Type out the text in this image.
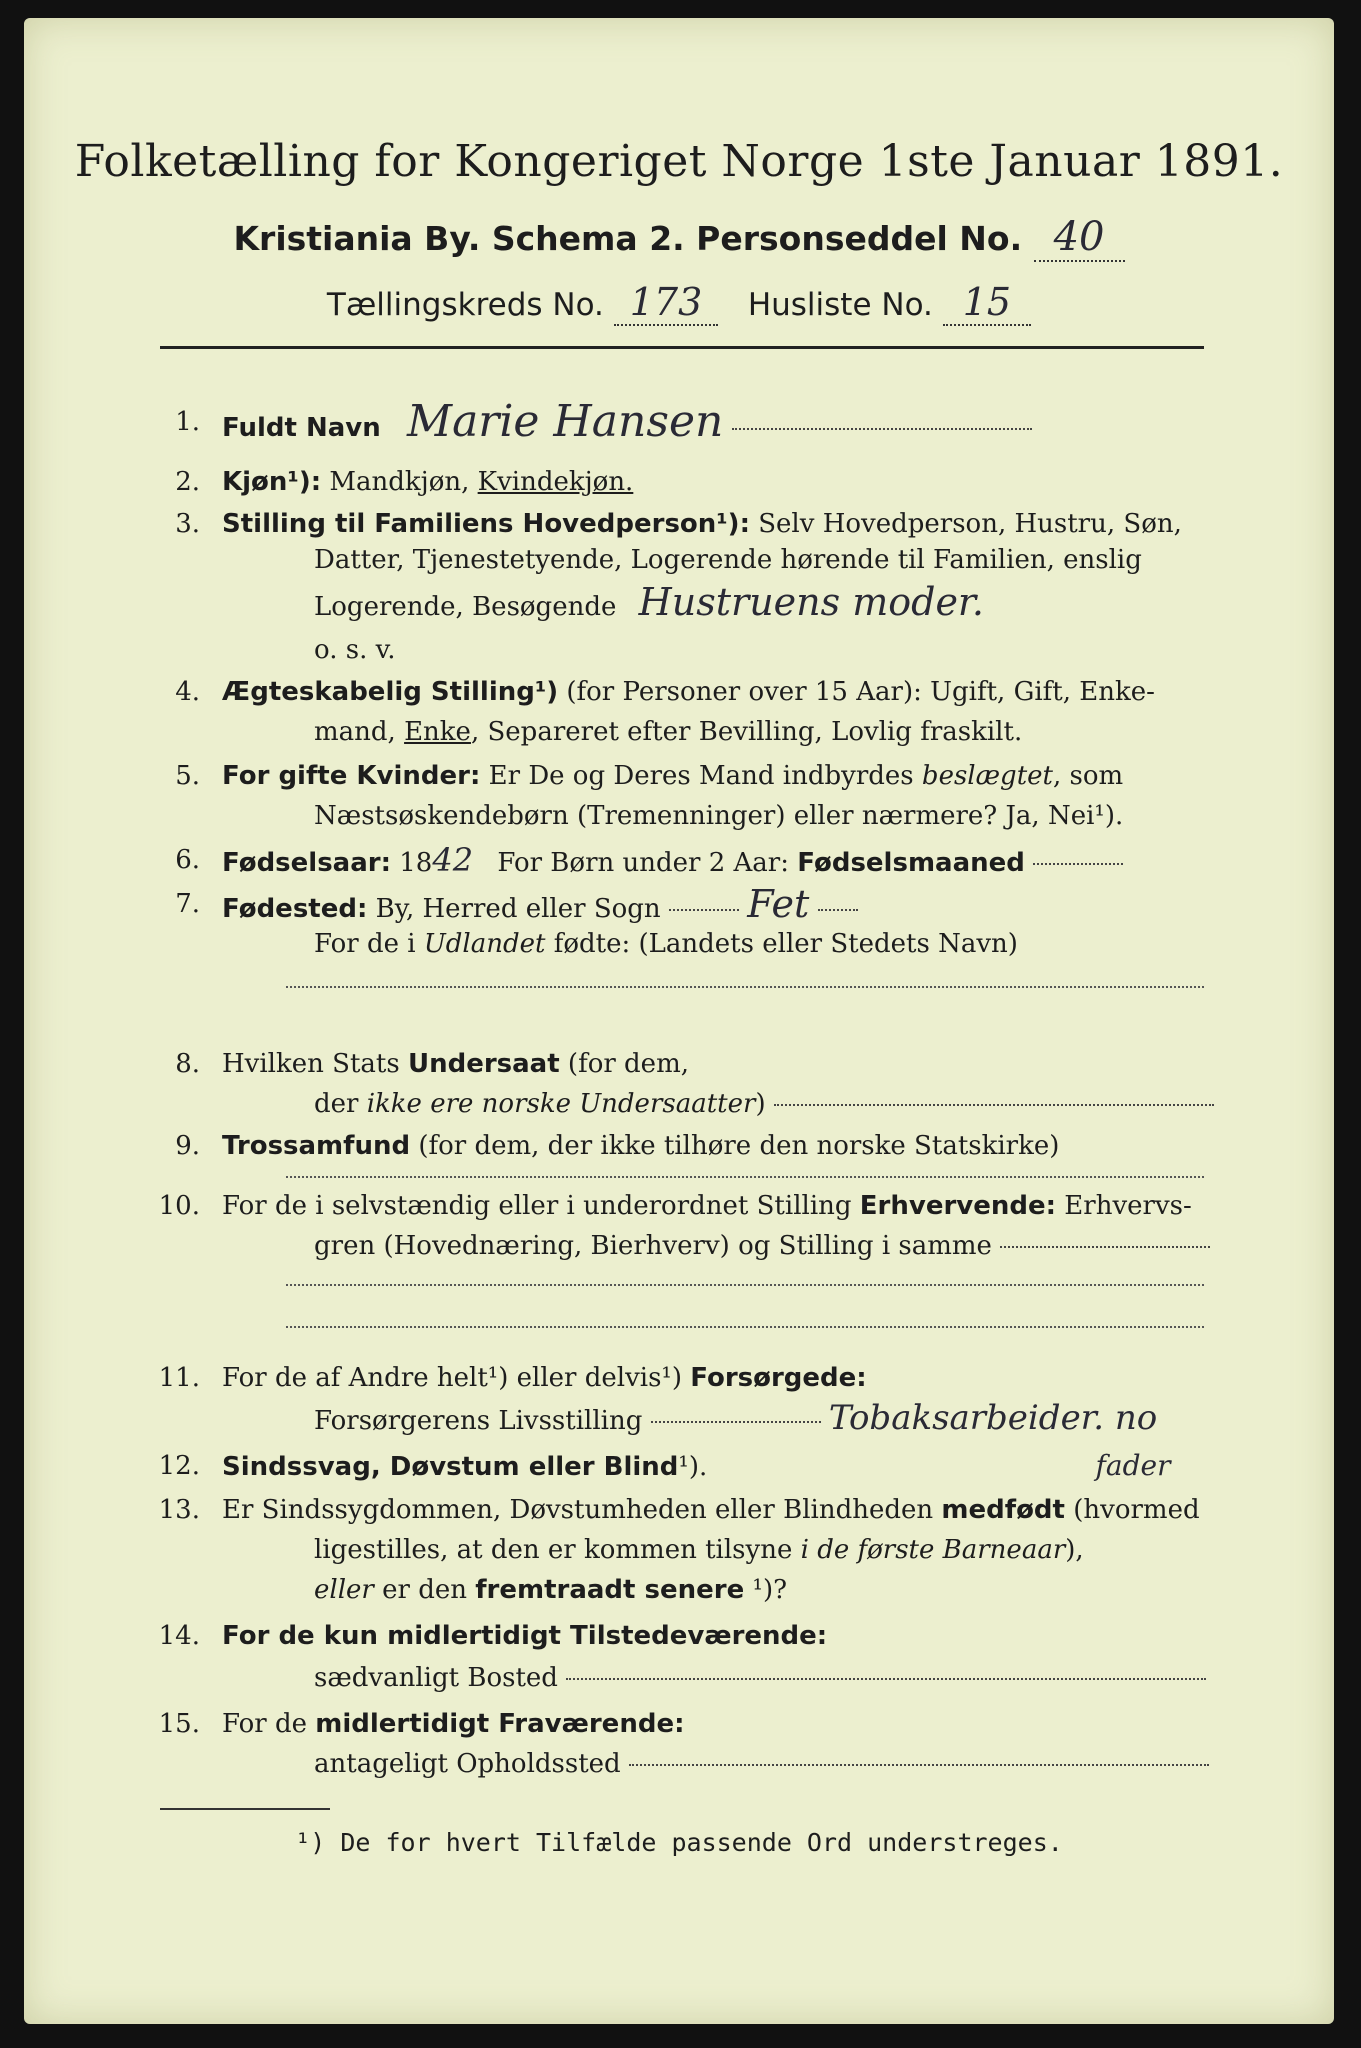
Folketælling for Kongeriget Norge 1ste Januar 1891.
Kristiania By. Schema 2. Personseddel No. 40
Tællingskreds No. 173 Husliste No. 15
1. Fuldt Navn Marie Hansen
2. Kjøn¹): Mandkjøn, Kvindekjøn.
3. Stilling til Familiens Hovedperson¹): Selv Hovedperson, Hustru, Søn,
Datter, Tjenestetyende, Logerende hørende til Familien, enslig
Logerende, Besøgende Hustruens moder.
o. s. v.
4. Ægteskabelig Stilling¹) (for Personer over 15 Aar): Ugift, Gift, Enke-
mand, Enke, Separeret efter Bevilling, Lovlig fraskilt.
5. For gifte Kvinder: Er De og Deres Mand indbyrdes beslægtet, som
Næstsøskendebørn (Tremenninger) eller nærmere? Ja, Nei¹).
6. Fødselsaar: 1842 For Børn under 2 Aar: Fødselsmaaned
7. Fødested: By, Herred eller Sogn Fet
For de i Udlandet fødte: (Landets eller Stedets Navn)
8. Hvilken Stats Undersaat (for dem,
der ikke ere norske Undersaatter)
9. Trossamfund (for dem, der ikke tilhøre den norske Statskirke)
10. For de i selvstændig eller i underordnet Stilling Erhvervende: Erhvervs-
gren (Hovednæring, Bierhverv) og Stilling i samme
11. For de af Andre helt¹) eller delvis¹) Forsørgede:
Forsørgerens Livsstilling	Tobaksarbeider. no
12. Sindssvag, Døvstum eller Blind¹).	fader
13. Er Sindssygdommen, Døvstumheden eller Blindheden medfødt (hvormed
ligestilles, at den er kommen tilsyne i de første Barneaar),
eller er den fremtraadt senere ¹)?
14. For de kun midlertidigt Tilstedeværende:
sædvanligt Bosted
15. For de midlertidigt Fraværende:
antageligt Opholdssted
¹) De for hvert Tilfælde passende Ord understreges.
